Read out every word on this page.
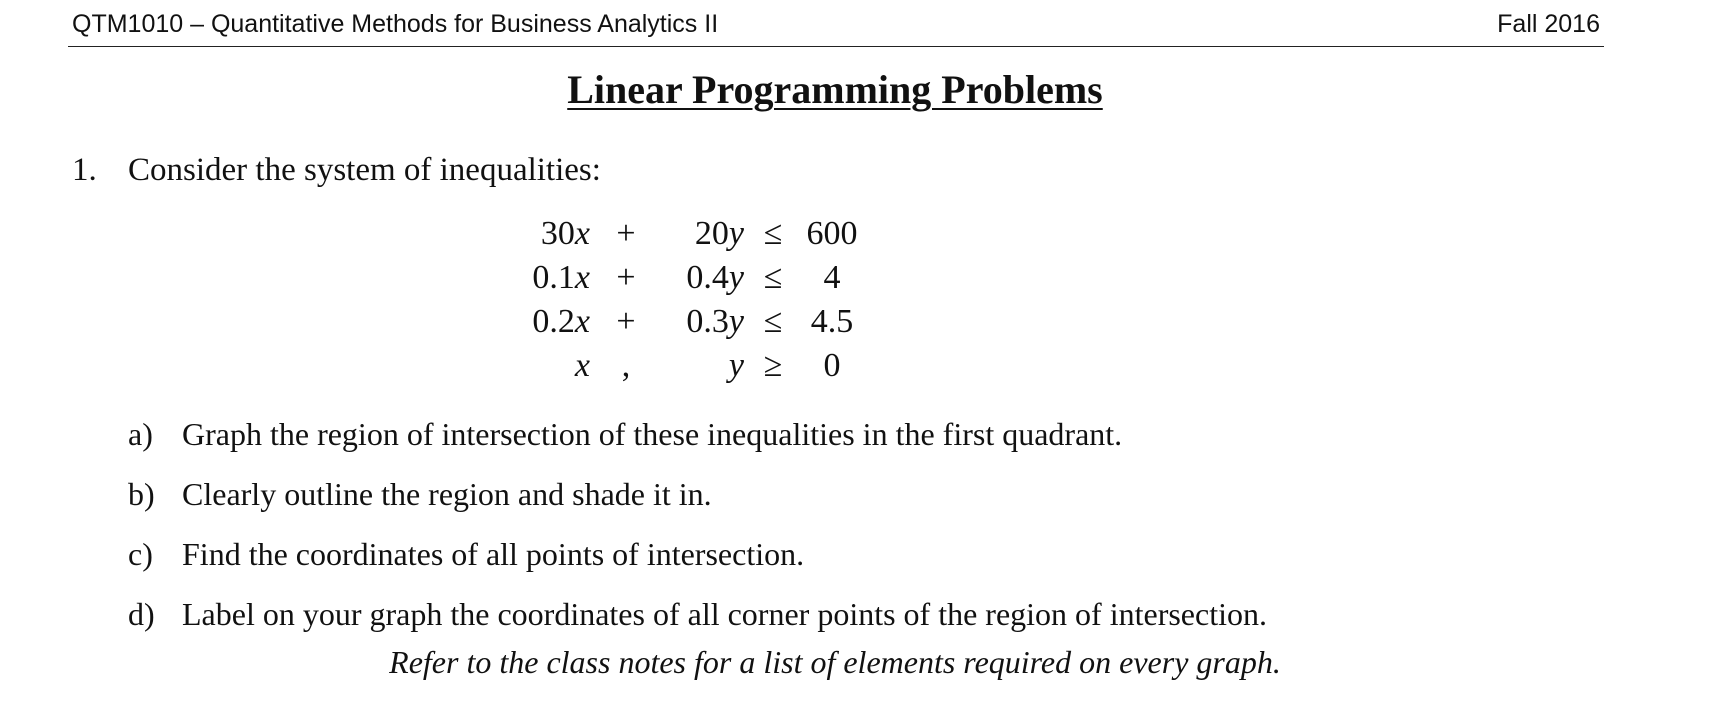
QTM1010 – Quantitative Methods for Business Analytics II	Fall 2016
Linear Programming Problems
1. Consider the system of inequalities:
30x	+	20y	≤	600
0.1x	+	0.4y	≤	4
0.2x	+	0.3y	≤	4.5
x	,	y	≥	0
a) Graph the region of intersection of these inequalities in the first quadrant.
b) Clearly outline the region and shade it in.
c) Find the coordinates of all points of intersection.
d) Label on your graph the coordinates of all corner points of the region of intersection.
Refer to the class notes for a list of elements required on every graph.
